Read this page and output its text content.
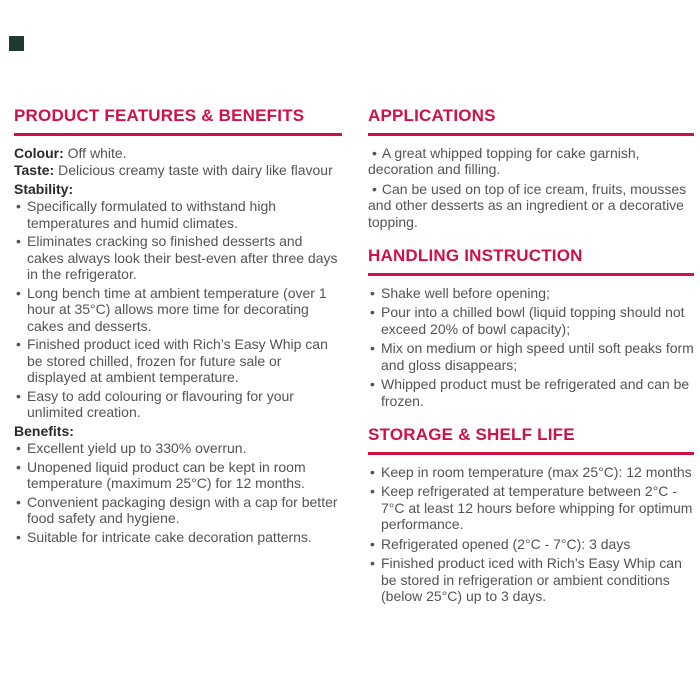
PRODUCT FEATURES & BENEFITS

Colour: Off white.

Taste: Delicious creamy taste with dairy like flavour

Stability:

• Specifically formulated to withstand high temperatures and humid climates.
• Eliminates cracking so finished desserts and cakes always look their best-even after three days in the refrigerator.
• Long bench time at ambient temperature (over 1 hour at 35°C) allows more time for decorating cakes and desserts.
• Finished product iced with Rich’s Easy Whip can be stored chilled, frozen for future sale or displayed at ambient temperature.
• Easy to add colouring or flavouring for your unlimited creation.

Benefits:

• Excellent yield up to 330% overrun.
• Unopened liquid product can be kept in room temperature (maximum 25°C) for 12 months.
• Convenient packaging design with a cap for better food safety and hygiene.
• Suitable for intricate cake decoration patterns.
APPLICATIONS
• A great whipped topping for cake garnish, decoration and filling.
• Can be used on top of ice cream, fruits, mousses and other desserts as an ingredient or a decorative topping.
HANDLING INSTRUCTION
• Shake well before opening;
• Pour into a chilled bowl (liquid topping should not exceed 20% of bowl capacity);
• Mix on medium or high speed until soft peaks form and gloss disappears;
• Whipped product must be refrigerated and can be frozen.
STORAGE & SHELF LIFE
• Keep in room temperature (max 25°C): 12 months
• Keep refrigerated at temperature between 2°C - 7°C at least 12 hours before whipping for optimum performance.
• Refrigerated opened (2°C - 7°C): 3 days
• Finished product iced with Rich’s Easy Whip can be stored in refrigeration or ambient conditions (below 25°C) up to 3 days.
